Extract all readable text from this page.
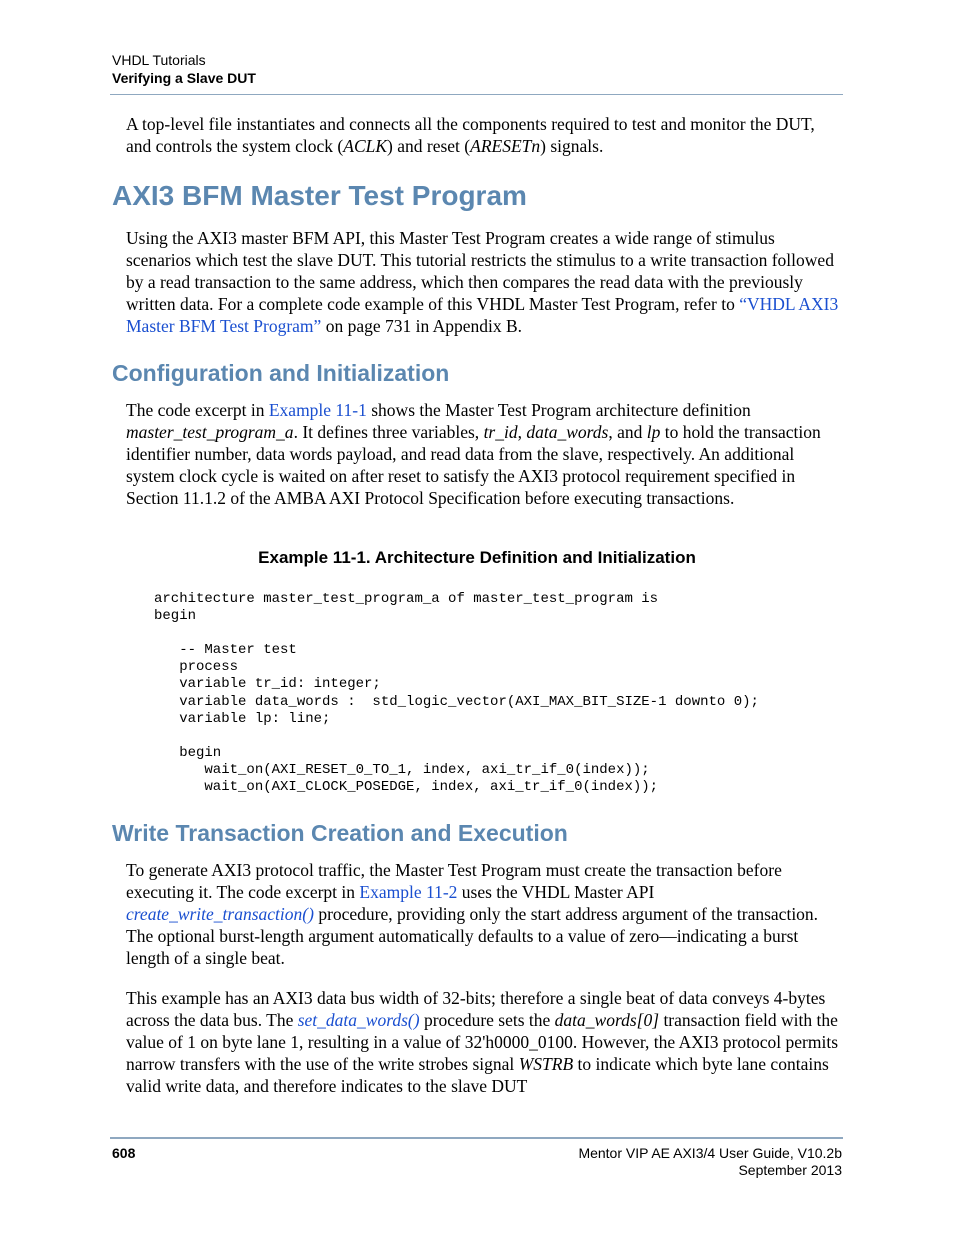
VHDL Tutorials
Verifying a Slave DUT

A top-level file instantiates and connects all the components required to test and monitor the DUT, and controls the system clock (ACLK) and reset (ARESETn) signals.

AXI3 BFM Master Test Program

Using the AXI3 master BFM API, this Master Test Program creates a wide range of stimulus scenarios which test the slave DUT. This tutorial restricts the stimulus to a write transaction followed by a read transaction to the same address, which then compares the read data with the previously written data. For a complete code example of this VHDL Master Test Program, refer to “VHDL AXI3 Master BFM Test Program” on page 731 in Appendix B.

Configuration and Initialization

The code excerpt in Example 11-1 shows the Master Test Program architecture definition master_test_program_a. It defines three variables, tr_id, data_words, and lp to hold the transaction identifier number, data words payload, and read data from the slave, respectively. An additional system clock cycle is waited on after reset to satisfy the AXI3 protocol requirement specified in Section 11.1.2 of the AMBA AXI Protocol Specification before executing transactions.

Example 11-1. Architecture Definition and Initialization
architecture master_test_program_a of master_test_program is
begin

-- Master test
process
variable tr_id: integer;
variable data_words :  std_logic_vector(AXI_MAX_BIT_SIZE-1 downto 0);
variable lp: line;

begin
wait_on(AXI_RESET_0_TO_1, index, axi_tr_if_0(index));
wait_on(AXI_CLOCK_POSEDGE, index, axi_tr_if_0(index));
Write Transaction Creation and Execution

To generate AXI3 protocol traffic, the Master Test Program must create the transaction before executing it. The code excerpt in Example 11-2 uses the VHDL Master API create_write_transaction() procedure, providing only the start address argument of the transaction. The optional burst-length argument automatically defaults to a value of zero—indicating a burst length of a single beat.

This example has an AXI3 data bus width of 32-bits; therefore a single beat of data conveys 4-bytes across the data bus. The set_data_words() procedure sets the data_words[0] transaction field with the value of 1 on byte lane 1, resulting in a value of 32'h0000_0100. However, the AXI3 protocol permits narrow transfers with the use of the write strobes signal WSTRB to indicate which byte lane contains valid write data, and therefore indicates to the slave DUT

608	Mentor VIP AE AXI3/4 User Guide, V10.2b
September 2013
